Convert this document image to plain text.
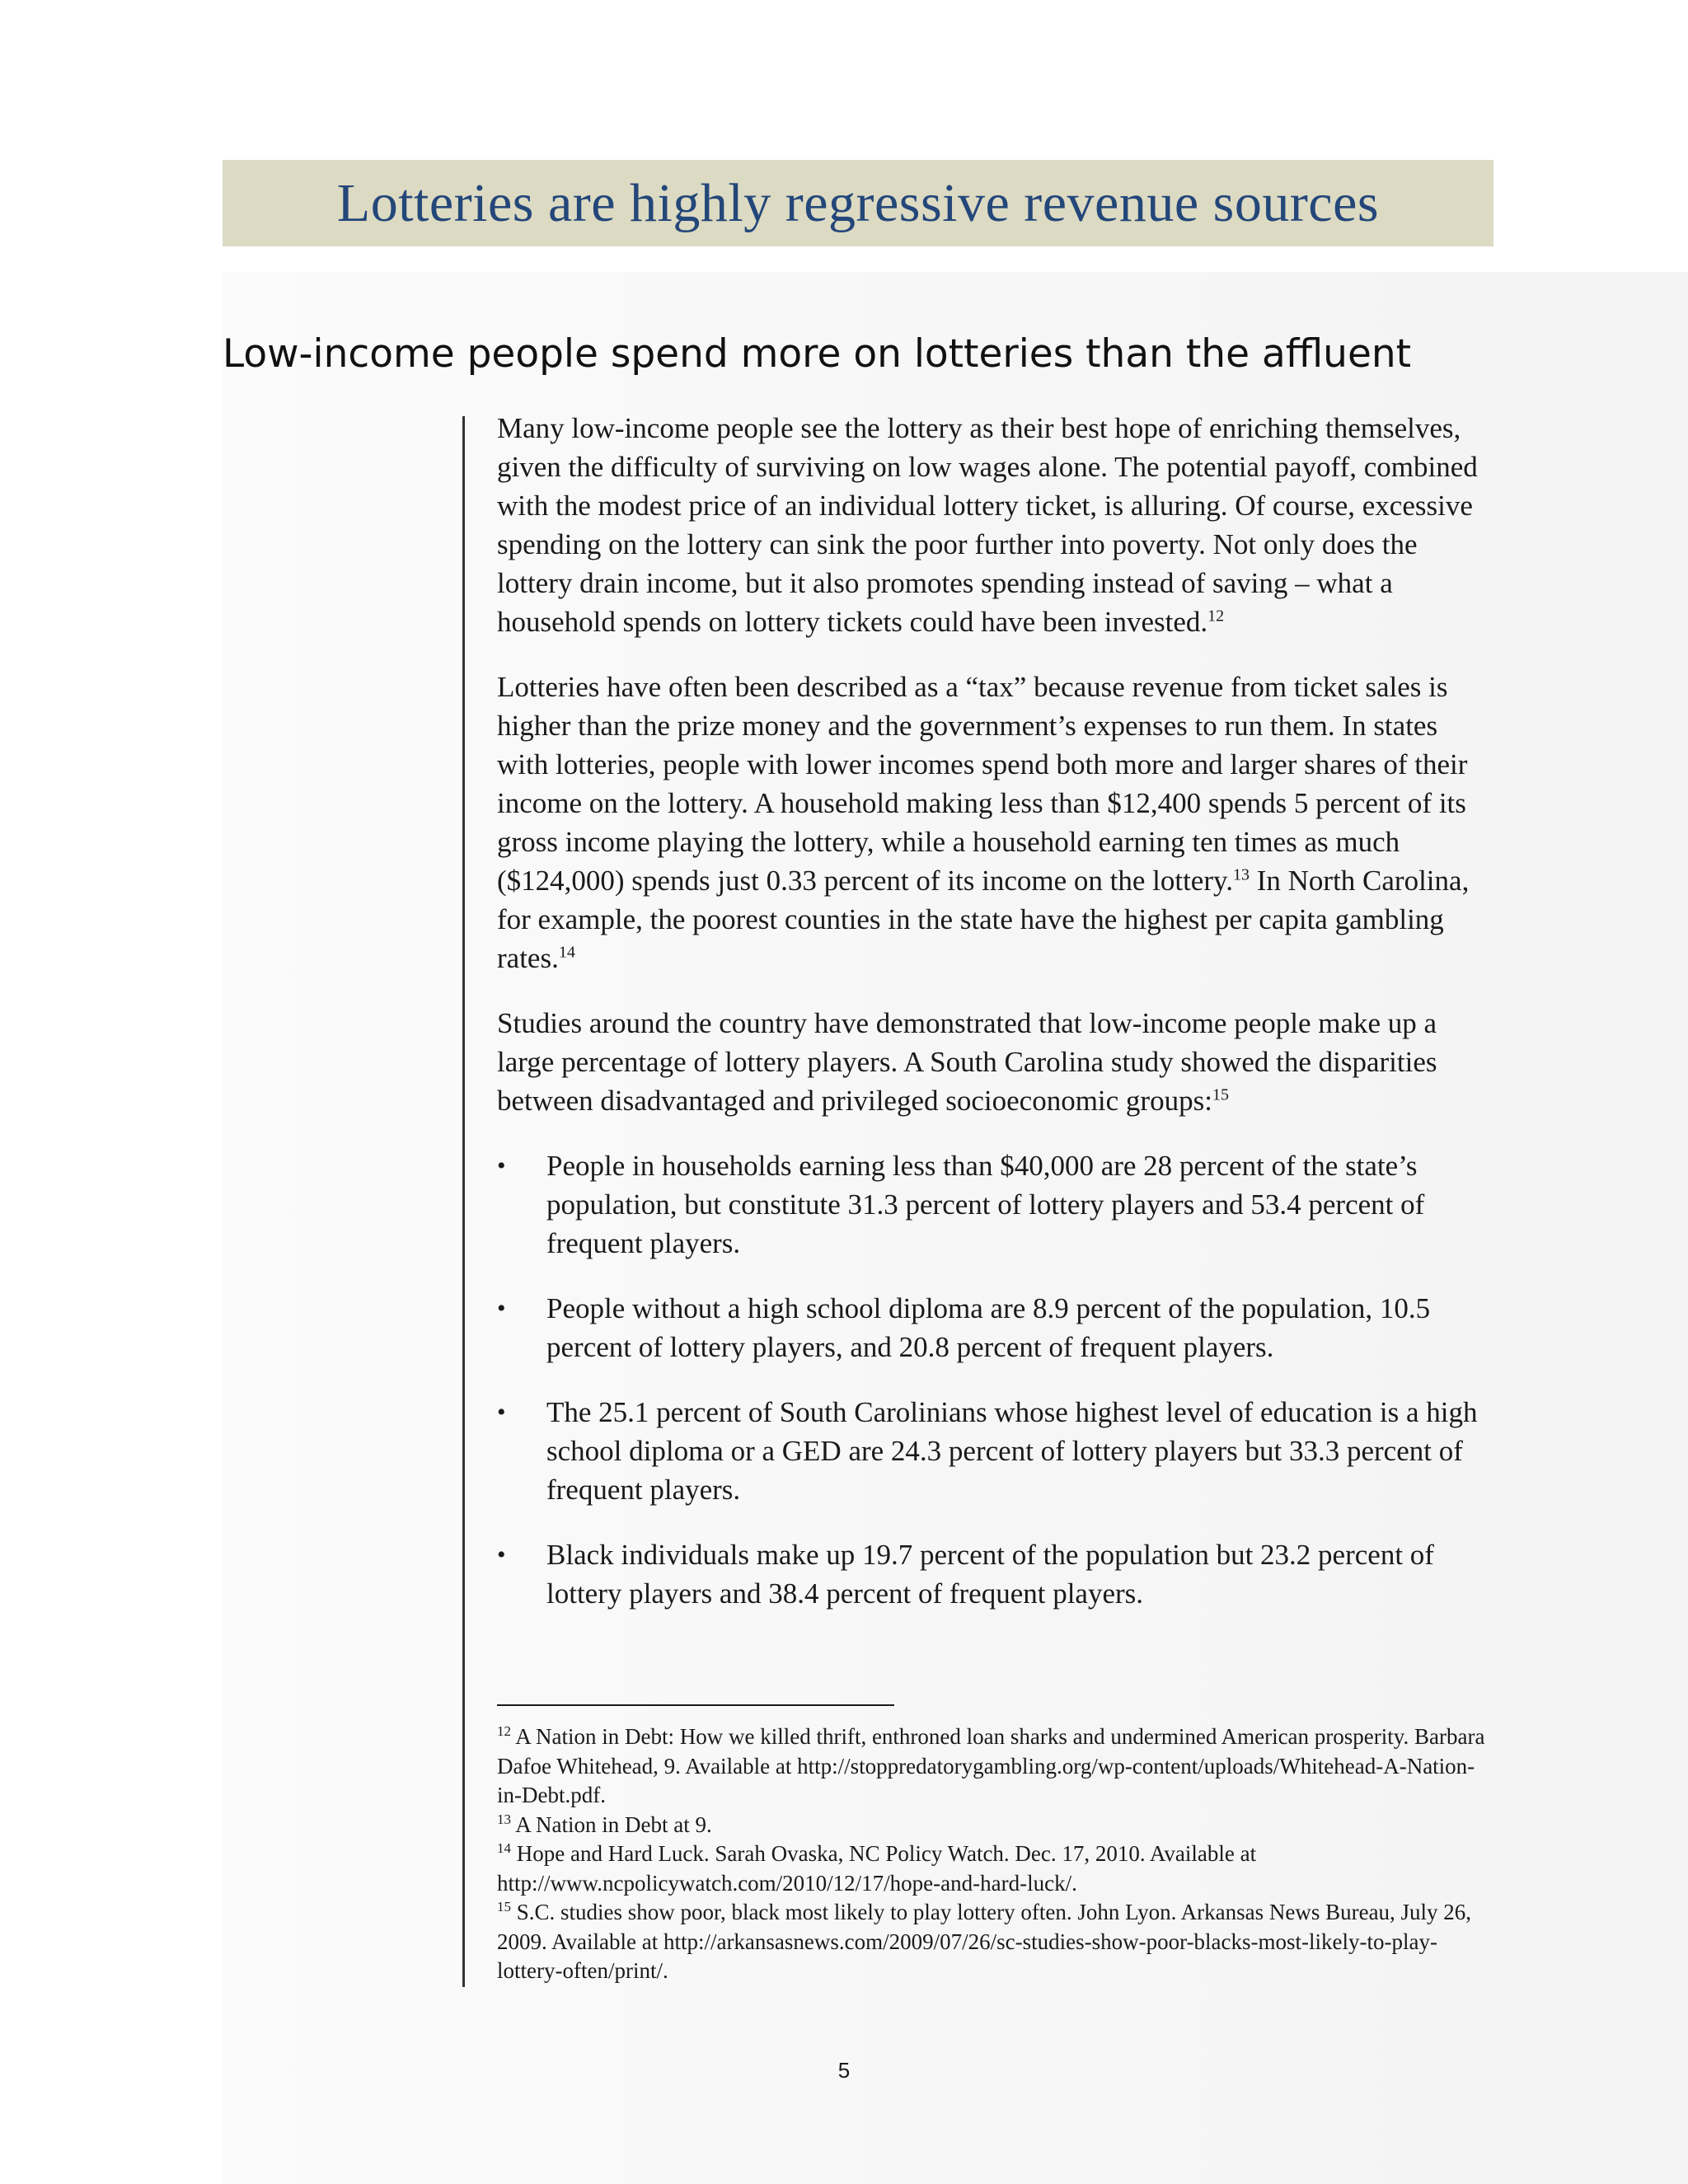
Lotteries are highly regressive revenue sources
Low-income people spend more on lotteries than the affluent

Many low-income people see the lottery as their best hope of enriching themselves, given the difficulty of surviving on low wages alone. The potential payoff, combined with the modest price of an individual lottery ticket, is alluring. Of course, excessive spending on the lottery can sink the poor further into poverty. Not only does the lottery drain income, but it also promotes spending instead of saving – what a household spends on lottery tickets could have been invested.$^{12}$

Lotteries have often been described as a “tax” because revenue from ticket sales is higher than the prize money and the government’s expenses to run them. In states with lotteries, people with lower incomes spend both more and larger shares of their income on the lottery. A household making less than $12,400 spends 5 percent of its gross income playing the lottery, while a household earning ten times as much ($124,000) spends just 0.33 percent of its income on the lottery.$^{13}$ In North Carolina, for example, the poorest counties in the state have the highest per capita gambling rates.$^{14}$

Studies around the country have demonstrated that low-income people make up a large percentage of lottery players. A South Carolina study showed the disparities between disadvantaged and privileged socioeconomic groups:$^{15}$

• People in households earning less than $40,000 are 28 percent of the state’s population, but constitute 31.3 percent of lottery players and 53.4 percent of frequent players.
• People without a high school diploma are 8.9 percent of the population, 10.5 percent of lottery players, and 20.8 percent of frequent players.
• The 25.1 percent of South Carolinians whose highest level of education is a high school diploma or a GED are 24.3 percent of lottery players but 33.3 percent of frequent players.
• Black individuals make up 19.7 percent of the population but 23.2 percent of lottery players and 38.4 percent of frequent players.

$^{12}$ A Nation in Debt: How we killed thrift, enthroned loan sharks and undermined American prosperity. Barbara Dafoe Whitehead, 9. Available at http://stoppredatorygambling.org/wp-content/uploads/Whitehead-A-Nation-in-Debt.pdf.

$^{13}$ A Nation in Debt at 9.

$^{14}$ Hope and Hard Luck. Sarah Ovaska, NC Policy Watch. Dec. 17, 2010. Available at http://www.ncpolicywatch.com/2010/12/17/hope-and-hard-luck/.

$^{15}$ S.C. studies show poor, black most likely to play lottery often. John Lyon. Arkansas News Bureau, July 26, 2009. Available at http://arkansasnews.com/2009/07/26/sc-studies-show-poor-blacks-most-likely-to-play-lottery-often/print/.

5
